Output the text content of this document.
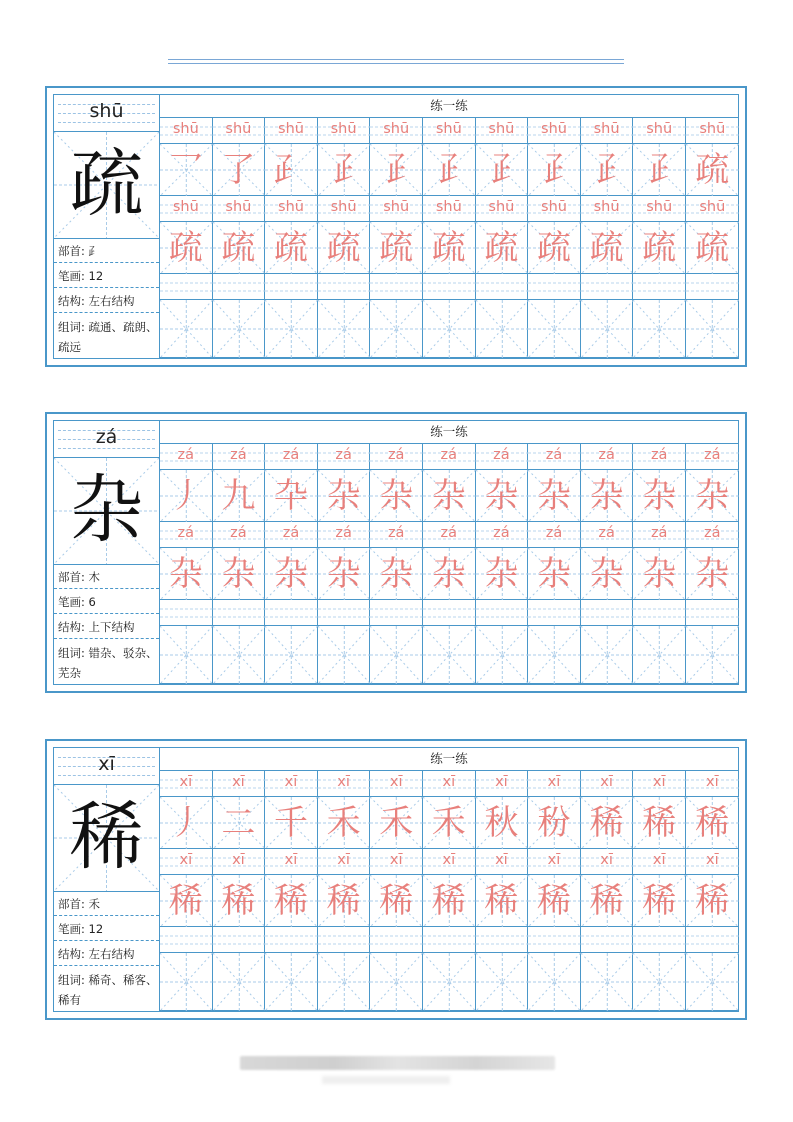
shū
疏
部首: ⺪
笔画: 12
结构: 左右结构
组词: 疏通、疏朗、疏远
练一练
shū
乛
shū
疏
shū
了
shū
疏
shū
⺪
shū
疏
shū
𤴔
shū
疏
shū
𤴔
shū
疏
shū
𤴔
shū
疏
shū
𤴔
shū
疏
shū
𤴔
shū
疏
shū
𤴔
shū
疏
shū
𤴔
shū
疏
shū
疏
shū
疏
zá
杂
部首: 木
笔画: 6
结构: 上下结构
组词: 错杂、驳杂、芜杂
练一练
zá
丿
zá
杂
zá
九
zá
杂
zá
卆
zá
杂
zá
杂
zá
杂
zá
杂
zá
杂
zá
杂
zá
杂
zá
杂
zá
杂
zá
杂
zá
杂
zá
杂
zá
杂
zá
杂
zá
杂
zá
杂
zá
杂
xī
稀
部首: 禾
笔画: 12
结构: 左右结构
组词: 稀奇、稀客、稀有
练一练
xī
丿
xī
稀
xī
二
xī
稀
xī
千
xī
稀
xī
禾
xī
稀
xī
禾
xī
稀
xī
禾
xī
稀
xī
秋
xī
稀
xī
秎
xī
稀
xī
稀
xī
稀
xī
稀
xī
稀
xī
稀
xī
稀
